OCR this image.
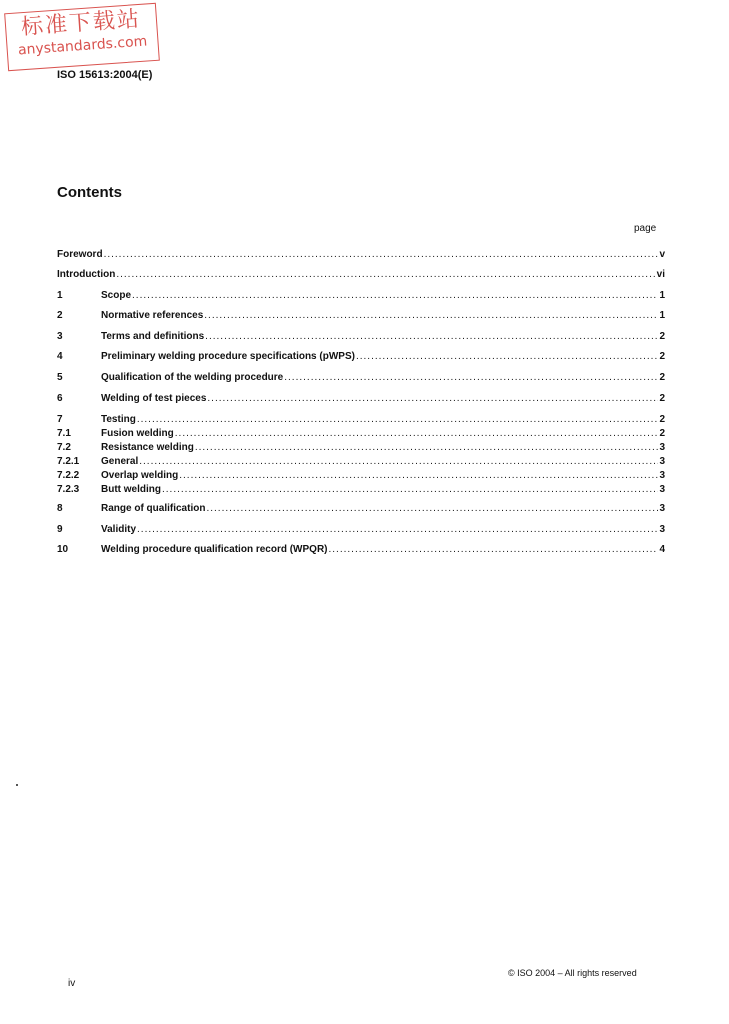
标准下载站
anystandards.com
ISO 15613:2004(E)
Contents
page
Foreword .....	v
Introduction .....	vi
1	Scope .....	1
2	Normative references .....	1
3	Terms and definitions .....	2
4	Preliminary welding procedure specifications (pWPS) .....	2
5	Qualification of the welding procedure .....	2
6	Welding of test pieces .....	2
7	Testing .....	2
7.1	Fusion welding .....	2
7.2	Resistance welding .....	3
7.2.1	General .....	3
7.2.2	Overlap welding .....	3
7.2.3	Butt welding .....	3
8	Range of qualification .....	3
9	Validity .....	3
10	Welding procedure qualification record (WPQR) .....	4
iv
© ISO 2004 – All rights reserved
